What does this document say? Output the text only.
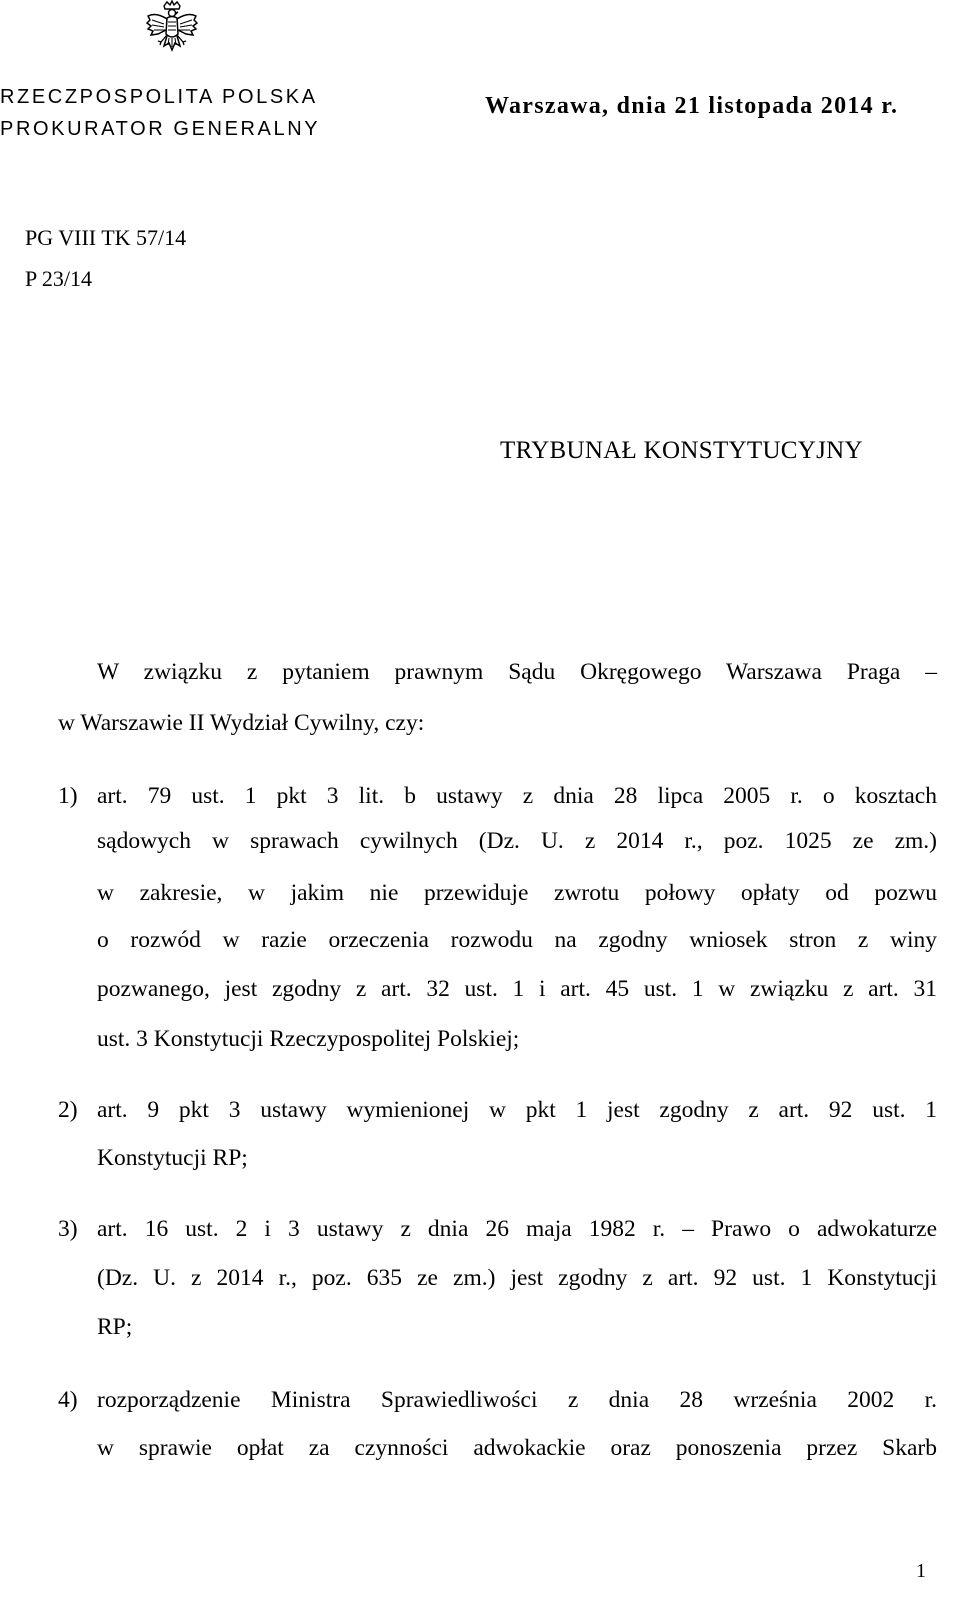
RZECZPOSPOLITA POLSKA
PROKURATOR GENERALNY
Warszawa, dnia 21 listopada 2014 r.
PG VIII TK 57/14
P 23/14
TRYBUNAŁ KONSTYTUCYJNY
W związku z pytaniem prawnym Sądu Okręgowego Warszawa Praga –
w Warszawie II Wydział Cywilny, czy:
1) art. 79 ust. 1 pkt 3 lit. b ustawy z dnia 28 lipca 2005 r. o kosztach
sądowych w sprawach cywilnych (Dz. U. z 2014 r., poz. 1025 ze zm.)
w zakresie, w jakim nie przewiduje zwrotu połowy opłaty od pozwu
o rozwód w razie orzeczenia rozwodu na zgodny wniosek stron z winy
pozwanego, jest zgodny z art. 32 ust. 1 i art. 45 ust. 1 w związku z art. 31
ust. 3 Konstytucji Rzeczypospolitej Polskiej;
2) art. 9 pkt 3 ustawy wymienionej w pkt 1 jest zgodny z art. 92 ust. 1
Konstytucji RP;
3) art. 16 ust. 2 i 3 ustawy z dnia 26 maja 1982 r. – Prawo o adwokaturze
(Dz. U. z 2014 r., poz. 635 ze zm.) jest zgodny z art. 92 ust. 1 Konstytucji
RP;
4) rozporządzenie Ministra Sprawiedliwości z dnia 28 września 2002 r.
w sprawie opłat za czynności adwokackie oraz ponoszenia przez Skarb
1
